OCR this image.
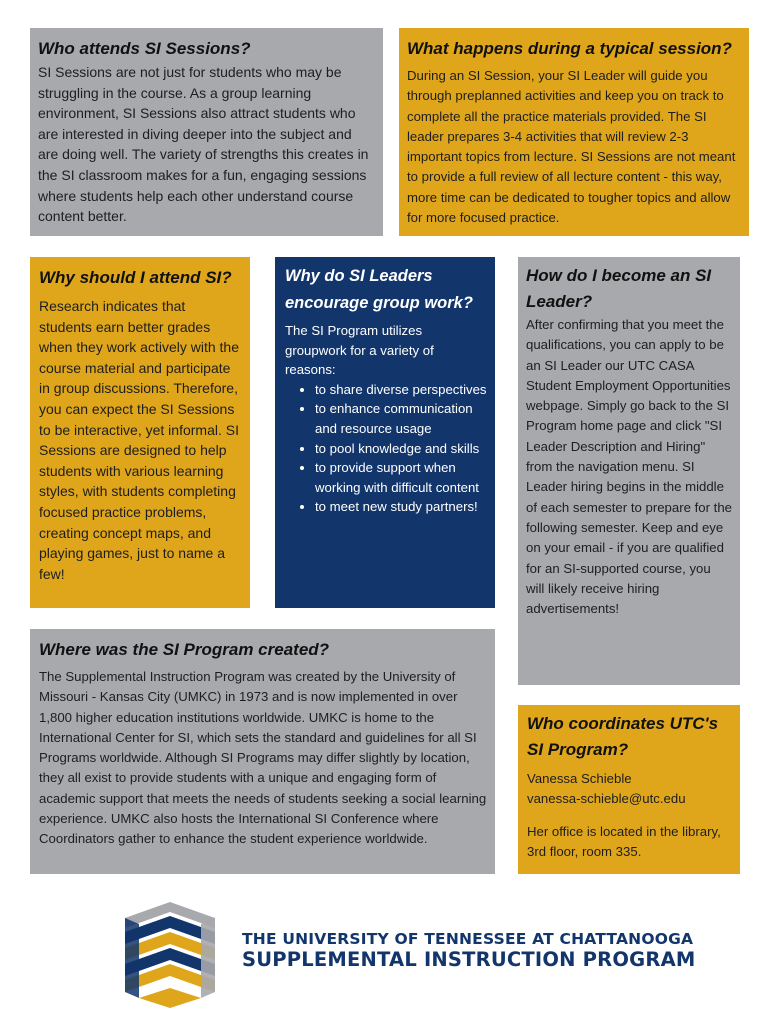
Who attends SI Sessions?

SI Sessions are not just for students who may be struggling in the course. As a group learning environment, SI Sessions also attract students who are interested in diving deeper into the subject and are doing well. The variety of strengths this creates in the SI classroom makes for a fun, engaging sessions where students help each other understand course content better.

What happens during a typical session?

During an SI Session, your SI Leader will guide you through preplanned activities and keep you on track to complete all the practice materials provided. The SI leader prepares 3-4 activities that will review 2-3 important topics from lecture. SI Sessions are not meant to provide a full review of all lecture content - this way, more time can be dedicated to tougher topics and allow for more focused practice.

Why should I attend SI?

Research indicates that students earn better grades when they work actively with the course material and participate in group discussions. Therefore, you can expect the SI Sessions to be interactive, yet informal. SI Sessions are designed to help students with various learning styles, with students completing focused practice problems, creating concept maps, and playing games, just to name a few!

Why do SI Leaders encourage group work?

The SI Program utilizes groupwork for a variety of reasons:

• to share diverse perspectives
• to enhance communication and resource usage
• to pool knowledge and skills
• to provide support when working with difficult content
• to meet new study partners!
How do I become an SI Leader?

After confirming that you meet the qualifications, you can apply to be an SI Leader our UTC CASA Student Employment Opportunities webpage. Simply go back to the SI Program home page and click "SI Leader Description and Hiring" from the navigation menu. SI Leader hiring begins in the middle of each semester to prepare for the following semester. Keep and eye on your email - if you are qualified for an SI-supported course, you will likely receive hiring advertisements!

Where was the SI Program created?

The Supplemental Instruction Program was created by the University of Missouri - Kansas City (UMKC) in 1973 and is now implemented in over 1,800 higher education institutions worldwide. UMKC is home to the International Center for SI, which sets the standard and guidelines for all SI Programs worldwide. Although SI Programs may differ slightly by location, they all exist to provide students with a unique and engaging form of academic support that meets the needs of students seeking a social learning experience. UMKC also hosts the International SI Conference where Coordinators gather to enhance the student experience worldwide.

Who coordinates UTC's SI Program?

Vanessa Schieble

vanessa-schieble@utc.edu

Her office is located in the library, 3rd floor, room 335.

THE UNIVERSITY OF TENNESSEE AT CHATTANOOGA
SUPPLEMENTAL INSTRUCTION PROGRAM
